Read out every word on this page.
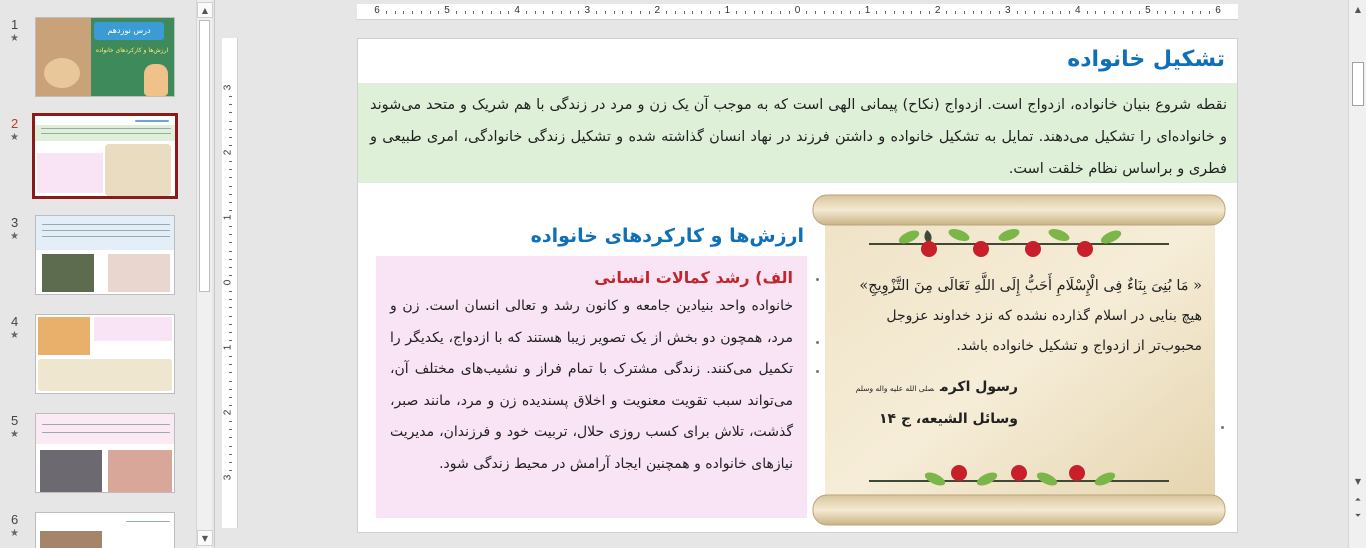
1
★
درس نوزدهم
ارزش‌ها و کارکردهای خانواده
2
★
3
★
4
★
5
★
6
★
▲
▼
6	5	4	3	2	1	0	1	2	3	4	5	6
3
2
1
0
1
2
3
تشکیل خانواده
نقطه شروع بنیان خانواده، ازدواج است. ازدواج (نکاح) پیمانی الهی است که به موجب آن یک زن و مرد در زندگی با هم شریک و متحد می‌شوند و خانواده‌ای را تشکیل می‌دهند. تمایل به تشکیل خانواده و داشتن فرزند در نهاد انسان گذاشته شده و تشکیل زندگی خانوادگی، امری طبیعی و فطری و براساس نظام خلقت است.
ارزش‌ها و کارکردهای خانواده
الف) رشد کمالات انسانی
خانواده واحد بنیادین جامعه و کانون رشد و تعالی انسان است. زن و مرد، همچون دو بخش از یک تصویر زیبا هستند که با ازدواج، یکدیگر را تکمیل می‌کنند. زندگی مشترک با تمام فراز و نشیب‌های مختلف آن، می‌تواند سبب تقویت معنویت و اخلاق پسندیده زن و مرد، مانند صبر، گذشت، تلاش برای کسب روزی حلال، تربیت خود و فرزندان، مدیریت نیازهای خانواده و همچنین ایجاد آرامش در محیط زندگی شود.
« مَا بُنِیَ بِنَاءٌ فِی الْإِسْلَامِ أَحَبُّ إِلَی اللَّهِ تَعَالَی مِنَ التَّزْوِیجِ»
هیچ بنایی در اسلام گذارده نشده که نزد خداوند عزوجل محبوب‌تر از ازدواج و تشکیل خانواده باشد.
رسول اکرمصلی الله علیه واله وسلم
وسائل الشیعه، ج ۱۴
▲
▼
⏶
⏷
